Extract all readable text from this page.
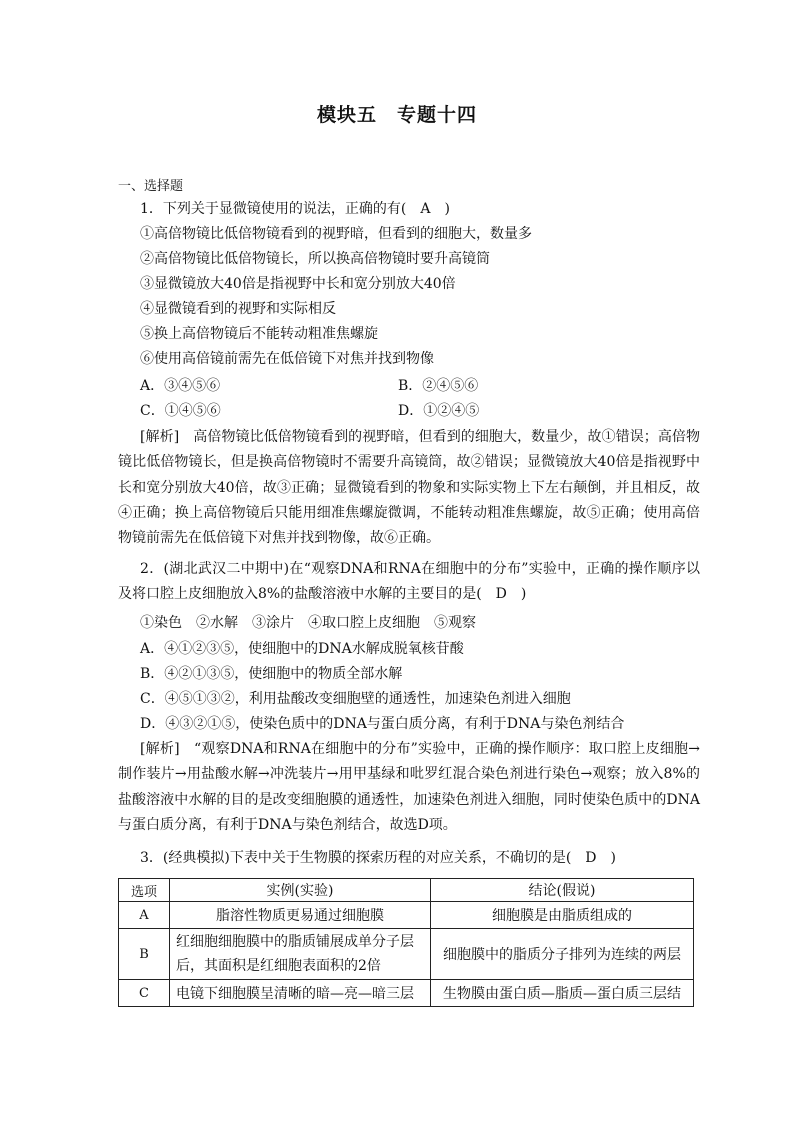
模块五　专题十四
一、选择题
1．下列关于显微镜使用的说法，正确的有(　A　)
①高倍物镜比低倍物镜看到的视野暗，但看到的细胞大，数量多
②高倍物镜比低倍物镜长，所以换高倍物镜时要升高镜筒
③显微镜放大40倍是指视野中长和宽分别放大40倍
④显微镜看到的视野和实际相反
⑤换上高倍物镜后不能转动粗准焦螺旋
⑥使用高倍镜前需先在低倍镜下对焦并找到物像
A．③④⑤⑥	B．②④⑤⑥
C．①④⑤⑥	D．①②④⑤
[解析]　高倍物镜比低倍物镜看到的视野暗，但看到的细胞大，数量少，故①错误；高倍物镜比低倍物镜长，但是换高倍物镜时不需要升高镜筒，故②错误；显微镜放大40倍是指视野中长和宽分别放大40倍，故③正确；显微镜看到的物象和实际实物上下左右颠倒，并且相反，故④正确；换上高倍物镜后只能用细准焦螺旋微调，不能转动粗准焦螺旋，故⑤正确；使用高倍物镜前需先在低倍镜下对焦并找到物像，故⑥正确。
2．(湖北武汉二中期中)在“观察DNA和RNA在细胞中的分布”实验中，正确的操作顺序以及将口腔上皮细胞放入8%的盐酸溶液中水解的主要目的是(　D　)
①染色　②水解　③涂片　④取口腔上皮细胞　⑤观察
A．④①②③⑤，使细胞中的DNA水解成脱氧核苷酸
B．④②①③⑤，使细胞中的物质全部水解
C．④⑤①③②，利用盐酸改变细胞壁的通透性，加速染色剂进入细胞
D．④③②①⑤，使染色质中的DNA与蛋白质分离，有利于DNA与染色剂结合
[解析]　“观察DNA和RNA在细胞中的分布”实验中，正确的操作顺序：取口腔上皮细胞→制作装片→用盐酸水解→冲洗装片→用甲基绿和吡罗红混合染色剂进行染色→观察；放入8%的盐酸溶液中水解的目的是改变细胞膜的通透性，加速染色剂进入细胞，同时使染色质中的DNA与蛋白质分离，有利于DNA与染色剂结合，故选D项。
3．(经典模拟)下表中关于生物膜的探索历程的对应关系，不确切的是(　D　)
选项	实例(实验)	结论(假说)
A	脂溶性物质更易通过细胞膜	细胞膜是由脂质组成的
B	红细胞细胞膜中的脂质铺展成单分子层后，其面积是红细胞表面积的2倍	细胞膜中的脂质分子排列为连续的两层
C	电镜下细胞膜呈清晰的暗—亮—暗三层	生物膜由蛋白质—脂质—蛋白质三层结
